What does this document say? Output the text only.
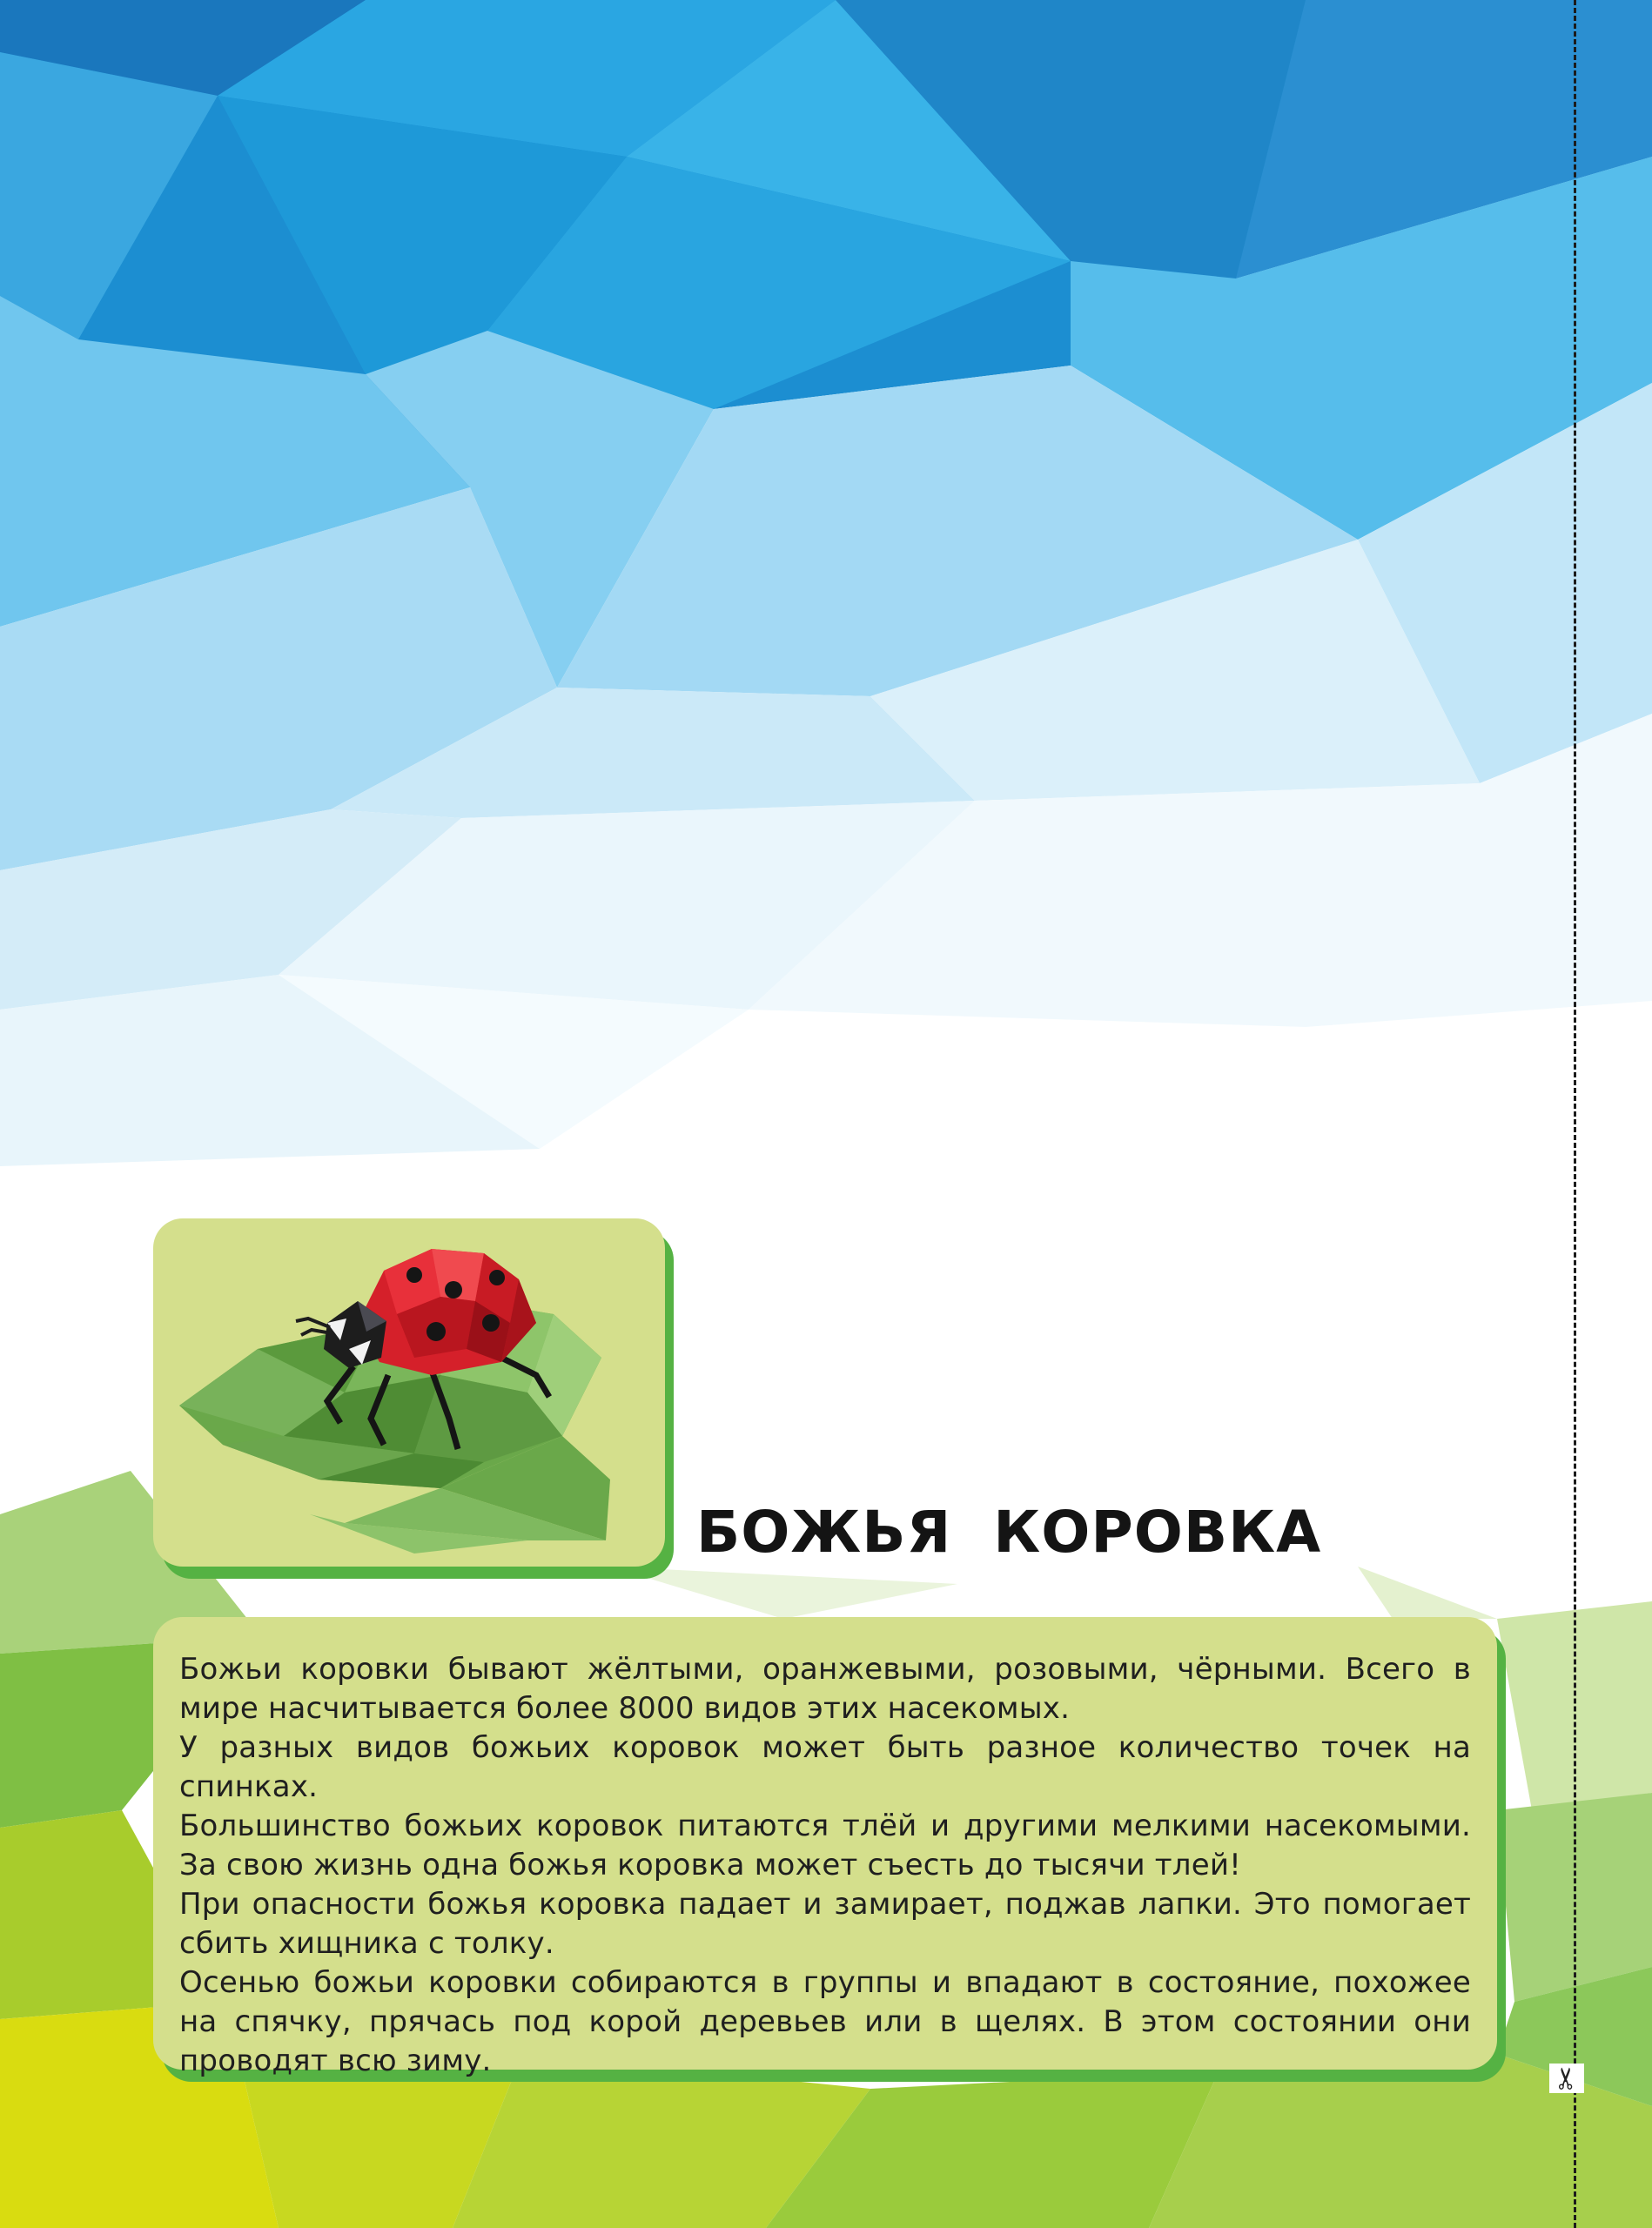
✂
БОЖЬЯ КОРОВКА

Божьи коровки бывают жёлтыми, оранжевыми, розовыми, чёрными. Всего в мире насчитывается более 8000 видов этих насекомых.

У разных видов божьих коровок может быть разное количество точек на спинках.

Большинство божьих коровок питаются тлёй и другими мелкими насекомыми. За свою жизнь одна божья коровка может съесть до тысячи тлей!

При опасности божья коровка падает и замирает, поджав лапки. Это помогает сбить хищника с толку.

Осенью божьи коровки собираются в группы и впадают в состояние, похожее на спячку, прячась под корой деревьев или в щелях. В этом состоянии они проводят всю зиму.
